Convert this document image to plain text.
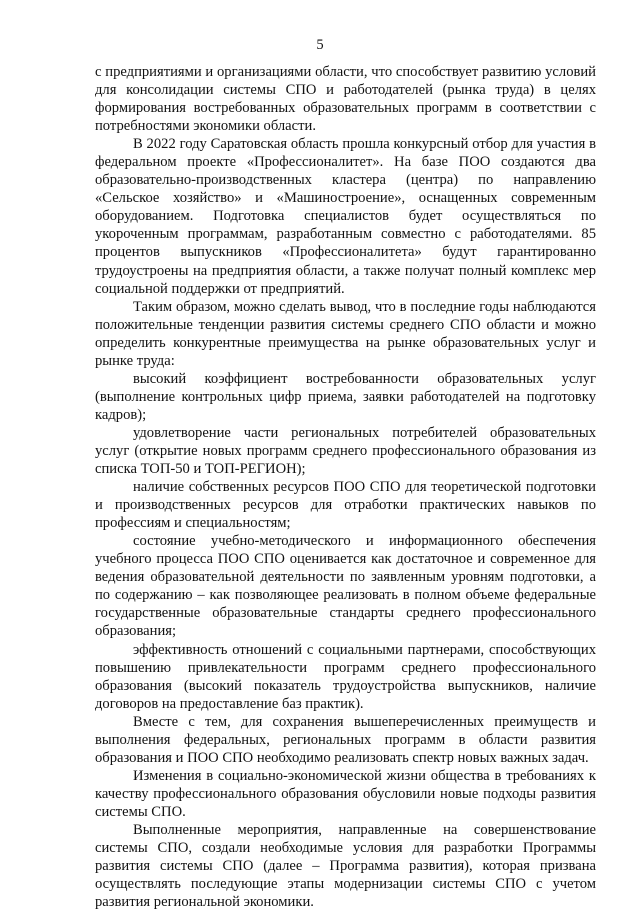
5

с предприятиями и организациями области, что способствует развитию условий для консолидации системы СПО и работодателей (рынка труда) в целях формирования востребованных образовательных программ в соответствии с потребностями экономики области.

В 2022 году Саратовская область прошла конкурсный отбор для участия в федеральном проекте «Профессионалитет». На базе ПОО создаются два образовательно-производственных кластера (центра) по направлению «Сельское хозяйство» и «Машиностроение», оснащенных современным оборудованием. Подготовка специалистов будет осуществляться по укороченным программам, разработанным совместно с работодателями. 85 процентов выпускников «Профессионалитета» будут гарантированно трудоустроены на предприятия области, а также получат полный комплекс мер социальной поддержки от предприятий.

Таким образом, можно сделать вывод, что в последние годы наблюдаются положительные тенденции развития системы среднего СПО области и можно определить конкурентные преимущества на рынке образовательных услуг и рынке труда:

высокий коэффициент востребованности образовательных услуг (выполнение контрольных цифр приема, заявки работодателей на подготовку кадров);

удовлетворение части региональных потребителей образовательных услуг (открытие новых программ среднего профессионального образования из списка ТОП-50 и ТОП-РЕГИОН);

наличие собственных ресурсов ПОО СПО для теоретической подготовки и производственных ресурсов для отработки практических навыков по профессиям и специальностям;

состояние учебно-методического и информационного обеспечения учебного процесса ПОО СПО оценивается как достаточное и современное для ведения образовательной деятельности по заявленным уровням подготовки, а по содержанию – как позволяющее реализовать в полном объеме федеральные государственные образовательные стандарты среднего профессионального образования;

эффективность отношений с социальными партнерами, способствующих повышению привлекательности программ среднего профессионального образования (высокий показатель трудоустройства выпускников, наличие договоров на предоставление баз практик).

Вместе с тем, для сохранения вышеперечисленных преимуществ и выполнения федеральных, региональных программ в области развития образования и ПОО СПО необходимо реализовать спектр новых важных задач.

Изменения в социально-экономической жизни общества в требованиях к качеству профессионального образования обусловили новые подходы развития системы СПО.

Выполненные мероприятия, направленные на совершенствование системы СПО, создали необходимые условия для разработки Программы развития системы СПО (далее – Программа развития), которая призвана осуществлять последующие этапы модернизации системы СПО с учетом развития региональной экономики.
